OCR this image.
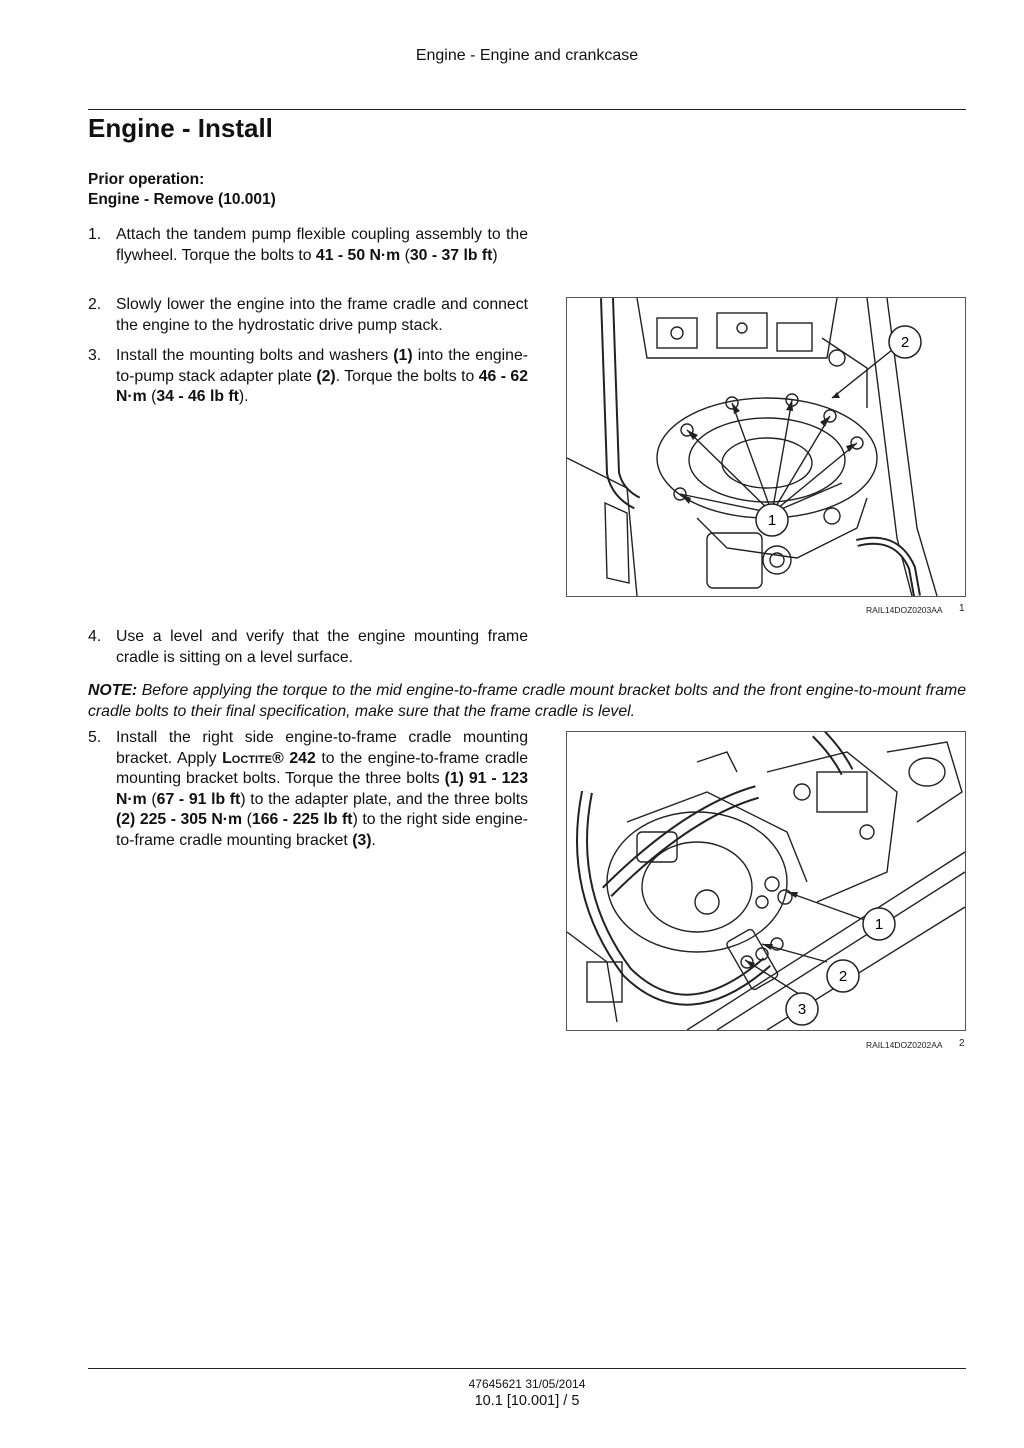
Engine - Engine and crankcase
Engine - Install
Prior operation:
Engine - Remove (10.001)
1. Attach the tandem pump flexible coupling assembly to the flywheel. Torque the bolts to 41 - 50 N·m (30 - 37 lb ft)
2. Slowly lower the engine into the frame cradle and connect the engine to the hydrostatic drive pump stack.
3. Install the mounting bolts and washers (1) into the engine-to-pump stack adapter plate (2). Torque the bolts to 46 - 62 N·m (34 - 46 lb ft).
1
2
RAIL14DOZ0203AA 1
4. Use a level and verify that the engine mounting frame cradle is sitting on a level surface.
NOTE: Before applying the torque to the mid engine-to-frame cradle mount bracket bolts and the front engine-to-mount frame cradle bolts to their final specification, make sure that the frame cradle is level.
5. Install the right side engine-to-frame cradle mounting bracket. Apply Loctite® 242 to the engine-to-frame cradle mounting bracket bolts. Torque the three bolts (1) 91 - 123 N·m (67 - 91 lb ft) to the adapter plate, and the three bolts (2) 225 - 305 N·m (166 - 225 lb ft) to the right side engine-to-frame cradle mounting bracket (3).
1
2
3
RAIL14DOZ0202AA 2
47645621 31/05/2014
10.1 [10.001] / 5
